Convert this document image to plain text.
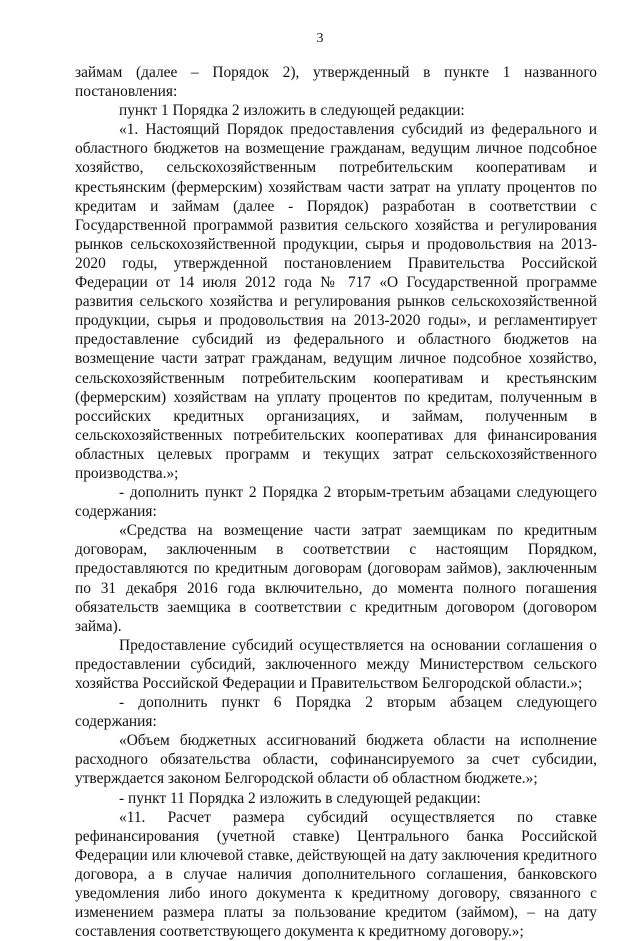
3

займам (далее – Порядок 2), утвержденный в пункте 1 названного постановления:

пункт 1 Порядка 2 изложить в следующей редакции:

«1. Настоящий Порядок предоставления субсидий из федерального и областного бюджетов на возмещение гражданам, ведущим личное подсобное хозяйство, сельскохозяйственным потребительским кооперативам и крестьянским (фермерским) хозяйствам части затрат на уплату процентов по кредитам и займам (далее - Порядок) разработан в соответствии с Государственной программой развития сельского хозяйства и регулирования рынков сельскохозяйственной продукции, сырья и продовольствия на 2013-2020 годы, утвержденной постановлением Правительства Российской Федерации от 14 июля 2012 года № 717 «О Государственной программе развития сельского хозяйства и регулирования рынков сельскохозяйственной продукции, сырья и продовольствия на 2013-2020 годы», и регламентирует предоставление субсидий из федерального и областного бюджетов на возмещение части затрат гражданам, ведущим личное подсобное хозяйство, сельскохозяйственным потребительским кооперативам и крестьянским (фермерским) хозяйствам на уплату процентов по кредитам, полученным в российских кредитных организациях, и займам, полученным в сельскохозяйственных потребительских кооперативах для финансирования областных целевых программ и текущих затрат сельскохозяйственного производства.»;

- дополнить пункт 2 Порядка 2 вторым-третьим абзацами следующего содержания:

«Средства на возмещение части затрат заемщикам по кредитным договорам, заключенным в соответствии с настоящим Порядком, предоставляются по кредитным договорам (договорам займов), заключенным по 31 декабря 2016 года включительно, до момента полного погашения обязательств заемщика в соответствии с кредитным договором (договором займа).

Предоставление субсидий осуществляется на основании соглашения о предоставлении субсидий, заключенного между Министерством сельского хозяйства Российской Федерации и Правительством Белгородской области.»;

- дополнить пункт 6 Порядка 2 вторым абзацем следующего содержания:

«Объем бюджетных ассигнований бюджета области на исполнение расходного обязательства области, софинансируемого за счет субсидии, утверждается законом Белгородской области об областном бюджете.»;

- пункт 11 Порядка 2 изложить в следующей редакции:

«11. Расчет размера субсидий осуществляется по ставке рефинансирования (учетной ставке) Центрального банка Российской Федерации или ключевой ставке, действующей на дату заключения кредитного договора, а в случае наличия дополнительного соглашения, банковского уведомления либо иного документа к кредитному договору, связанного с изменением размера платы за пользование кредитом (займом), – на дату составления соответствующего документа к кредитному договору.»;
